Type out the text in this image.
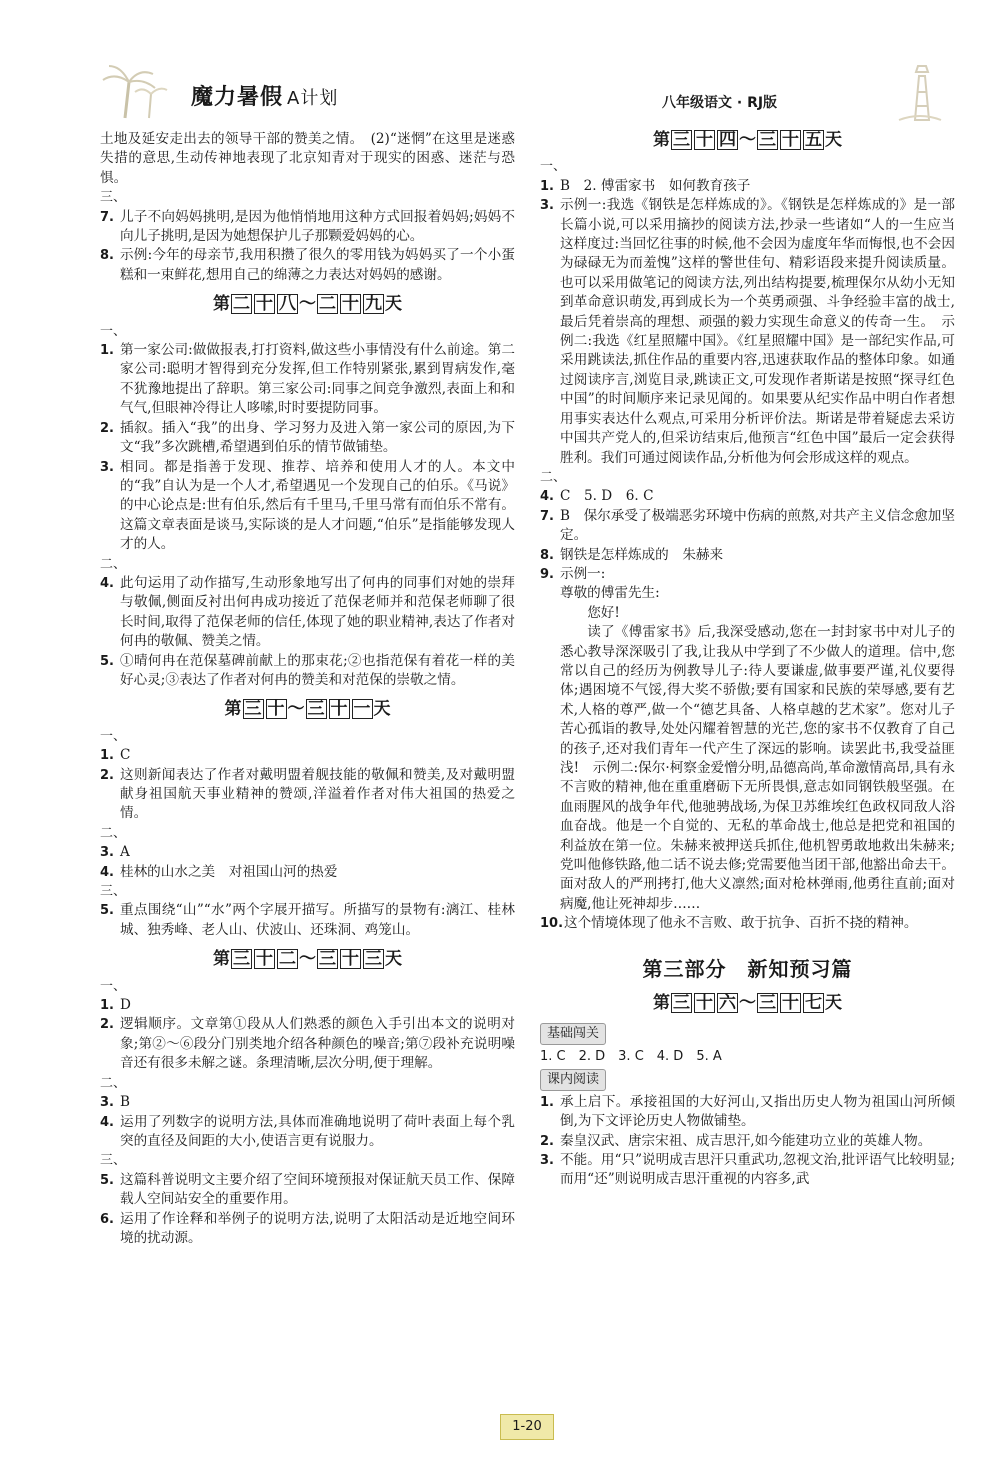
魔力暑假 A计划	八年级语文 · RJ版

土地及延安走出去的领导干部的赞美之情。　(2)“迷惘”在这里是迷惑失措的意思,生动传神地表现了北京知青对于现实的困惑、迷茫与恐惧。

三、

7. 儿子不向妈妈挑明,是因为他悄悄地用这种方式回报着妈妈;妈妈不向儿子挑明,是因为她想保护儿子那颗爱妈妈的心。
8. 示例:今年的母亲节,我用积攒了很久的零用钱为妈妈买了一个小蛋糕和一束鲜花,想用自己的绵薄之力表达对妈妈的感谢。
第 二 十 八 ～ 二 十 九 天

一、

1. 第一家公司:做做报表,打打资料,做这些小事情没有什么前途。第二家公司:聪明才智得到充分发挥,但工作特别紧张,累到胃病发作,毫不犹豫地提出了辞职。第三家公司:同事之间竞争激烈,表面上和和气气,但眼神冷得让人哆嗦,时时要提防同事。
2. 插叙。插入“我”的出身、学习努力及进入第一家公司的原因,为下文“我”多次跳槽,希望遇到伯乐的情节做铺垫。
3. 相同。都是指善于发现、推荐、培养和使用人才的人。本文中的“我”自认为是一个人才,希望遇见一个发现自己的伯乐。《马说》的中心论点是:世有伯乐,然后有千里马,千里马常有而伯乐不常有。这篇文章表面是谈马,实际谈的是人才问题,“伯乐”是指能够发现人才的人。

二、

4. 此句运用了动作描写,生动形象地写出了何冉的同事们对她的崇拜与敬佩,侧面反衬出何冉成功接近了范保老师并和范保老师聊了很长时间,取得了范保老师的信任,体现了她的职业精神,表达了作者对何冉的敬佩、赞美之情。
5. ①晴何冉在范保墓碑前献上的那束花;②也指范保有着花一样的美好心灵;③表达了作者对何冉的赞美和对范保的崇敬之情。
第 三 十 ～ 三 十 一 天

一、

1. C
2. 这则新闻表达了作者对戴明盟着舰技能的敬佩和赞美,及对戴明盟献身祖国航天事业精神的赞颂,洋溢着作者对伟大祖国的热爱之情。

二、

3. A
4. 桂林的山水之美　对祖国山河的热爱

三、

5. 重点围绕“山”“水”两个字展开描写。所描写的景物有:漓江、桂林城、独秀峰、老人山、伏波山、还珠洞、鸡笼山。
第 三 十 二 ～ 三 十 三 天

一、

1. D
2. 逻辑顺序。文章第①段从人们熟悉的颜色入手引出本文的说明对象;第②～⑥段分门别类地介绍各种颜色的噪音;第⑦段补充说明噪音还有很多未解之谜。条理清晰,层次分明,便于理解。

二、

3. B
4. 运用了列数字的说明方法,具体而准确地说明了荷叶表面上每个乳突的直径及间距的大小,使语言更有说服力。

三、

5. 这篇科普说明文主要介绍了空间环境预报对保证航天员工作、保障载人空间站安全的重要作用。
6. 运用了作诠释和举例子的说明方法,说明了太阳活动是近地空间环境的扰动源。
第 三 十 四 ～ 三 十 五 天

一、

1. B　2. 傅雷家书　如何教育孩子
3. 示例一:我选《钢铁是怎样炼成的》。《钢铁是怎样炼成的》是一部长篇小说,可以采用摘抄的阅读方法,抄录一些诸如“人的一生应当这样度过:当回忆往事的时候,他不会因为虚度年华而悔恨,也不会因为碌碌无为而羞愧”这样的警世佳句、精彩语段来提升阅读质量。也可以采用做笔记的阅读方法,列出结构提要,梳理保尔从幼小无知到革命意识萌发,再到成长为一个英勇顽强、斗争经验丰富的战士,最后凭着崇高的理想、顽强的毅力实现生命意义的传奇一生。　示例二:我选《红星照耀中国》。《红星照耀中国》是一部纪实作品,可采用跳读法,抓住作品的重要内容,迅速获取作品的整体印象。如通过阅读序言,浏览目录,跳读正文,可发现作者斯诺是按照“探寻红色中国”的时间顺序来记录见闻的。如果要从纪实作品中明白作者想用事实表达什么观点,可采用分析评价法。斯诺是带着疑虑去采访中国共产党人的,但采访结束后,他预言“红色中国”最后一定会获得胜利。我们可通过阅读作品,分析他为何会形成这样的观点。

二、

4. C　5. D　6. C
7. B　保尔承受了极端恶劣环境中伤病的煎熬,对共产主义信念愈加坚定。
8. 钢铁是怎样炼成的　朱赫来
9. 示例一:

尊敬的傅雷先生:

您好!

读了《傅雷家书》后,我深受感动,您在一封封家书中对儿子的悉心教导深深吸引了我,让我从中学到了不少做人的道理。信中,您常以自己的经历为例教导儿子:待人要谦虚,做事要严谨,礼仪要得体;遇困境不气馁,得大奖不骄傲;要有国家和民族的荣辱感,要有艺术,人格的尊严,做一个“德艺具备、人格卓越的艺术家”。您对儿子苦心孤诣的教导,处处闪耀着智慧的光芒,您的家书不仅教育了自己的孩子,还对我们青年一代产生了深远的影响。读罢此书,我受益匪浅!　示例二:保尔·柯察金爱憎分明,品德高尚,革命激情高昂,具有永不言败的精神,他在重重磨砺下无所畏惧,意志如同钢铁般坚强。在血雨腥风的战争年代,他驰骋战场,为保卫苏维埃红色政权同敌人浴血奋战。他是一个自觉的、无私的革命战士,他总是把党和祖国的利益放在第一位。朱赫来被押送兵抓住,他机智勇敢地救出朱赫来;党叫他修铁路,他二话不说去修;党需要他当团干部,他豁出命去干。面对敌人的严刑拷打,他大义凛然;面对枪林弹雨,他勇往直前;面对病魔,他让死神却步……

10. 这个情境体现了他永不言败、敢于抗争、百折不挠的精神。
第三部分　新知预习篇
第 三 十 六 ～ 三 十 七 天
基础闯关

1. C　2. D　3. C　4. D　5. A

课内阅读
1. 承上启下。承接祖国的大好河山,又指出历史人物为祖国山河所倾倒,为下文评论历史人物做铺垫。
2. 秦皇汉武、唐宗宋祖、成吉思汗,如今能建功立业的英雄人物。
3. 不能。用“只”说明成吉思汗只重武功,忽视文治,批评语气比较明显;而用“还”则说明成吉思汗重视的内容多,武
1-20
